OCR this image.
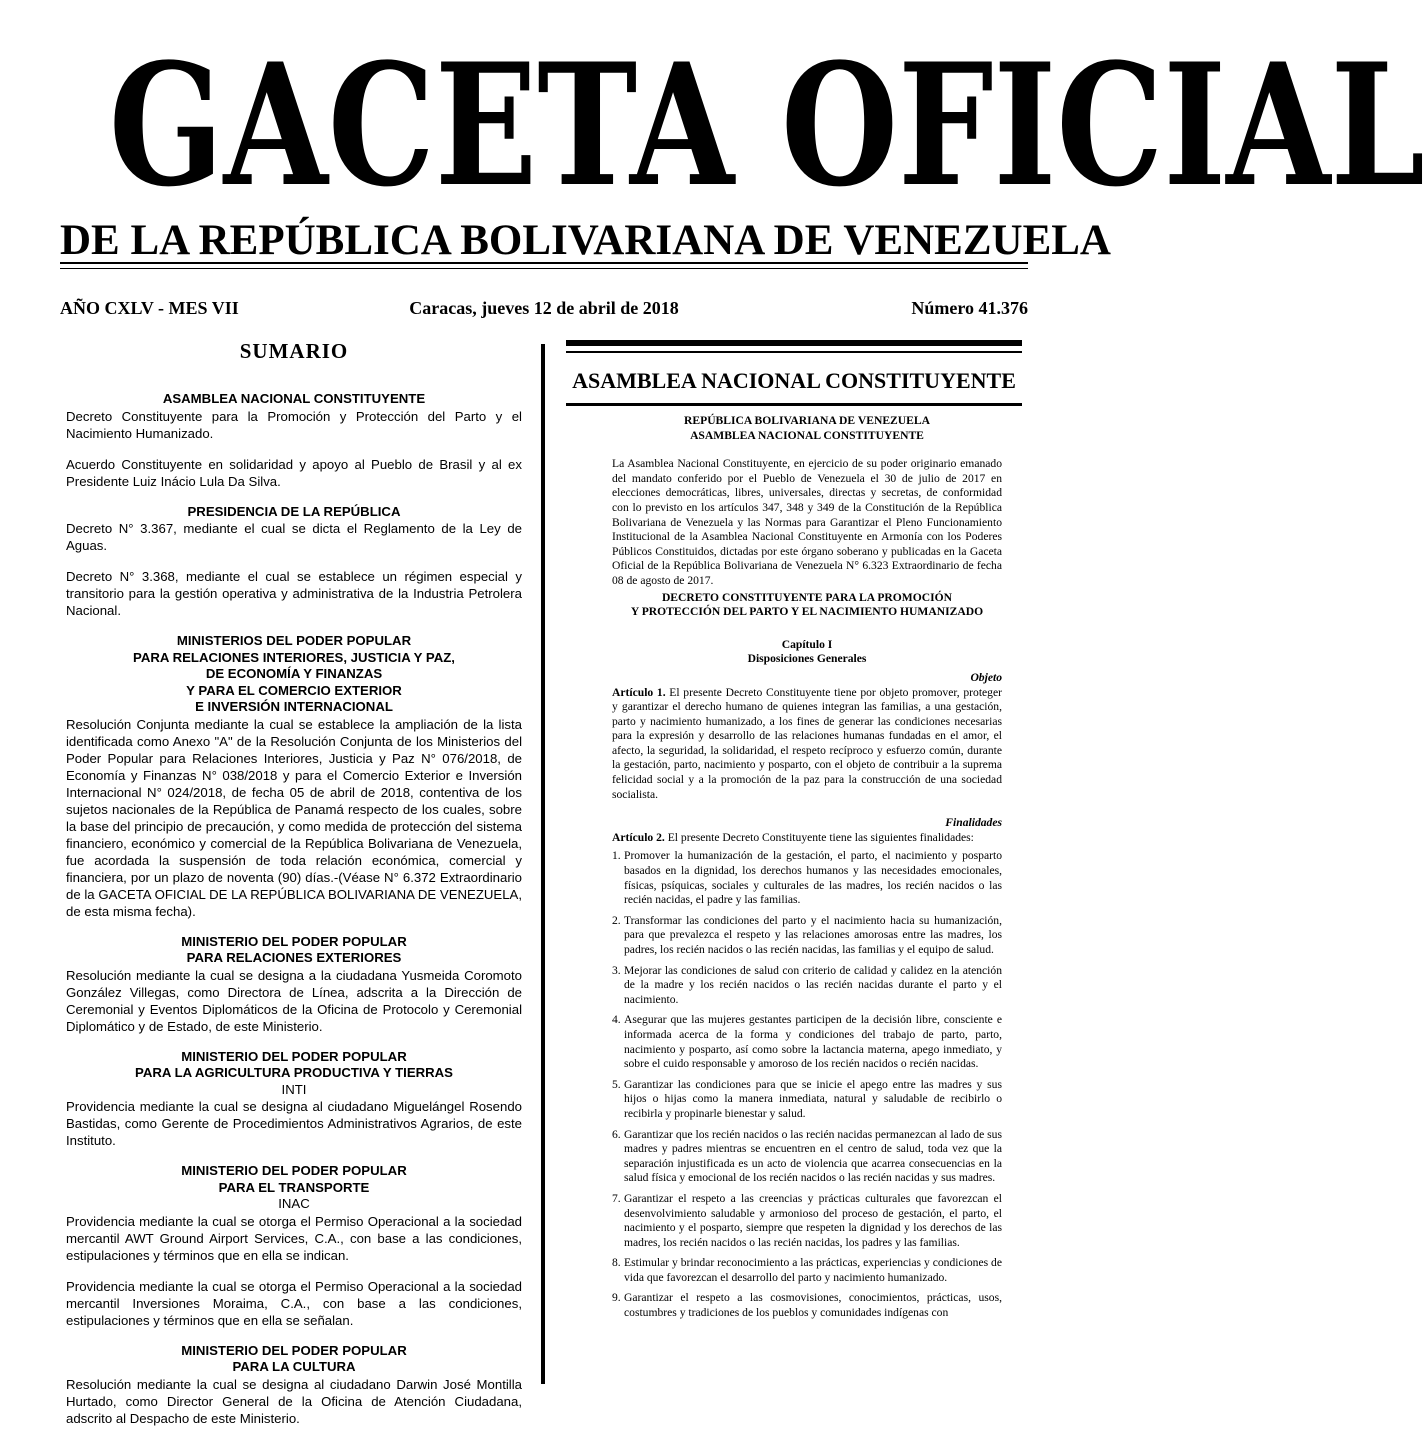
GACETA OFICIAL
DE LA REPÚBLICA BOLIVARIANA DE VENEZUELA
AÑO CXLV - MES VII	Caracas, jueves 12 de abril de 2018	Número 41.376
SUMARIO
ASAMBLEA NACIONAL CONSTITUYENTE
Decreto Constituyente para la Promoción y Protección del Parto y el Nacimiento Humanizado.
Acuerdo Constituyente en solidaridad y apoyo al Pueblo de Brasil y al ex Presidente Luiz Inácio Lula Da Silva.
PRESIDENCIA DE LA REPÚBLICA
Decreto N° 3.367, mediante el cual se dicta el Reglamento de la Ley de Aguas.
Decreto N° 3.368, mediante el cual se establece un régimen especial y transitorio para la gestión operativa y administrativa de la Industria Petrolera Nacional.
MINISTERIOS DEL PODER POPULAR
PARA RELACIONES INTERIORES, JUSTICIA Y PAZ,
DE ECONOMÍA Y FINANZAS
Y PARA EL COMERCIO EXTERIOR
E INVERSIÓN INTERNACIONAL
Resolución Conjunta mediante la cual se establece la ampliación de la lista identificada como Anexo "A" de la Resolución Conjunta de los Ministerios del Poder Popular para Relaciones Interiores, Justicia y Paz N° 076/2018, de Economía y Finanzas N° 038/2018 y para el Comercio Exterior e Inversión Internacional N° 024/2018, de fecha 05 de abril de 2018, contentiva de los sujetos nacionales de la República de Panamá respecto de los cuales, sobre la base del principio de precaución, y como medida de protección del sistema financiero, económico y comercial de la República Bolivariana de Venezuela, fue acordada la suspensión de toda relación económica, comercial y financiera, por un plazo de noventa (90) días.-(Véase N° 6.372 Extraordinario de la GACETA OFICIAL DE LA REPÚBLICA BOLIVARIANA DE VENEZUELA, de esta misma fecha).
MINISTERIO DEL PODER POPULAR
PARA RELACIONES EXTERIORES
Resolución mediante la cual se designa a la ciudadana Yusmeida Coromoto González Villegas, como Directora de Línea, adscrita a la Dirección de Ceremonial y Eventos Diplomáticos de la Oficina de Protocolo y Ceremonial Diplomático y de Estado, de este Ministerio.
MINISTERIO DEL PODER POPULAR
PARA LA AGRICULTURA PRODUCTIVA Y TIERRAS
INTI
Providencia mediante la cual se designa al ciudadano Miguelángel Rosendo Bastidas, como Gerente de Procedimientos Administrativos Agrarios, de este Instituto.
MINISTERIO DEL PODER POPULAR
PARA EL TRANSPORTE
INAC
Providencia mediante la cual se otorga el Permiso Operacional a la sociedad mercantil AWT Ground Airport Services, C.A., con base a las condiciones, estipulaciones y términos que en ella se indican.
Providencia mediante la cual se otorga el Permiso Operacional a la sociedad mercantil Inversiones Moraima, C.A., con base a las condiciones, estipulaciones y términos que en ella se señalan.
MINISTERIO DEL PODER POPULAR
PARA LA CULTURA
Resolución mediante la cual se designa al ciudadano Darwin José Montilla Hurtado, como Director General de la Oficina de Atención Ciudadana, adscrito al Despacho de este Ministerio.
ASAMBLEA NACIONAL CONSTITUYENTE
REPÚBLICA BOLIVARIANA DE VENEZUELA
ASAMBLEA NACIONAL CONSTITUYENTE
La Asamblea Nacional Constituyente, en ejercicio de su poder originario emanado del mandato conferido por el Pueblo de Venezuela el 30 de julio de 2017 en elecciones democráticas, libres, universales, directas y secretas, de conformidad con lo previsto en los artículos 347, 348 y 349 de la Constitución de la República Bolivariana de Venezuela y las Normas para Garantizar el Pleno Funcionamiento Institucional de la Asamblea Nacional Constituyente en Armonía con los Poderes Públicos Constituidos, dictadas por este órgano soberano y publicadas en la Gaceta Oficial de la República Bolivariana de Venezuela N° 6.323 Extraordinario de fecha 08 de agosto de 2017.
DECRETO CONSTITUYENTE PARA LA PROMOCIÓN
Y PROTECCIÓN DEL PARTO Y EL NACIMIENTO HUMANIZADO
Capítulo I
Disposiciones Generales
Objeto
Artículo 1. El presente Decreto Constituyente tiene por objeto promover, proteger y garantizar el derecho humano de quienes integran las familias, a una gestación, parto y nacimiento humanizado, a los fines de generar las condiciones necesarias para la expresión y desarrollo de las relaciones humanas fundadas en el amor, el afecto, la seguridad, la solidaridad, el respeto recíproco y esfuerzo común, durante la gestación, parto, nacimiento y posparto, con el objeto de contribuir a la suprema felicidad social y a la promoción de la paz para la construcción de una sociedad socialista.
Finalidades
Artículo 2. El presente Decreto Constituyente tiene las siguientes finalidades:
1. Promover la humanización de la gestación, el parto, el nacimiento y posparto basados en la dignidad, los derechos humanos y las necesidades emocionales, físicas, psíquicas, sociales y culturales de las madres, los recién nacidos o las recién nacidas, el padre y las familias.
2. Transformar las condiciones del parto y el nacimiento hacia su humanización, para que prevalezca el respeto y las relaciones amorosas entre las madres, los padres, los recién nacidos o las recién nacidas, las familias y el equipo de salud.
3. Mejorar las condiciones de salud con criterio de calidad y calidez en la atención de la madre y los recién nacidos o las recién nacidas durante el parto y el nacimiento.
4. Asegurar que las mujeres gestantes participen de la decisión libre, consciente e informada acerca de la forma y condiciones del trabajo de parto, parto, nacimiento y posparto, así como sobre la lactancia materna, apego inmediato, y sobre el cuido responsable y amoroso de los recién nacidos o recién nacidas.
5. Garantizar las condiciones para que se inicie el apego entre las madres y sus hijos o hijas como la manera inmediata, natural y saludable de recibirlo o recibirla y propinarle bienestar y salud.
6. Garantizar que los recién nacidos o las recién nacidas permanezcan al lado de sus madres y padres mientras se encuentren en el centro de salud, toda vez que la separación injustificada es un acto de violencia que acarrea consecuencias en la salud física y emocional de los recién nacidos o las recién nacidas y sus madres.
7. Garantizar el respeto a las creencias y prácticas culturales que favorezcan el desenvolvimiento saludable y armonioso del proceso de gestación, el parto, el nacimiento y el posparto, siempre que respeten la dignidad y los derechos de las madres, los recién nacidos o las recién nacidas, los padres y las familias.
8. Estimular y brindar reconocimiento a las prácticas, experiencias y condiciones de vida que favorezcan el desarrollo del parto y nacimiento humanizado.
9. Garantizar el respeto a las cosmovisiones, conocimientos, prácticas, usos, costumbres y tradiciones de los pueblos y comunidades indígenas con
